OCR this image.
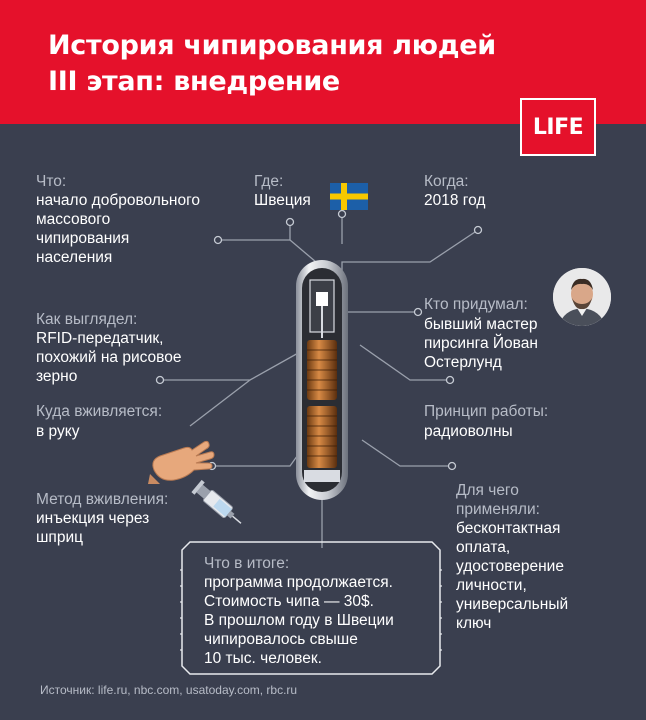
История чипирования людей
III этап: внедрение
LIFE
Что:
начало добровольного
массового
чипирования
населения
Где:
Швеция
Когда:
2018 год
Как выглядел:
RFID-передатчик,
похожий на рисовое
зерно
Кто придумал:
бывший мастер
пирсинга Йован
Остерлунд
Куда вживляется:
в руку
Принцип работы:
радиоволны
Метод вживления:
инъекция через
шприц
Для чего
применяли:
бесконтактная
оплата,
удостоверение
личности,
универсальный
ключ
Что в итоге:
программа продолжается.
Стоимость чипа — 30$.
В прошлом году в Швеции
чипировалось свыше
10 тыс. человек.
Источник: life.ru, nbc.com, usatoday.com, rbc.ru
